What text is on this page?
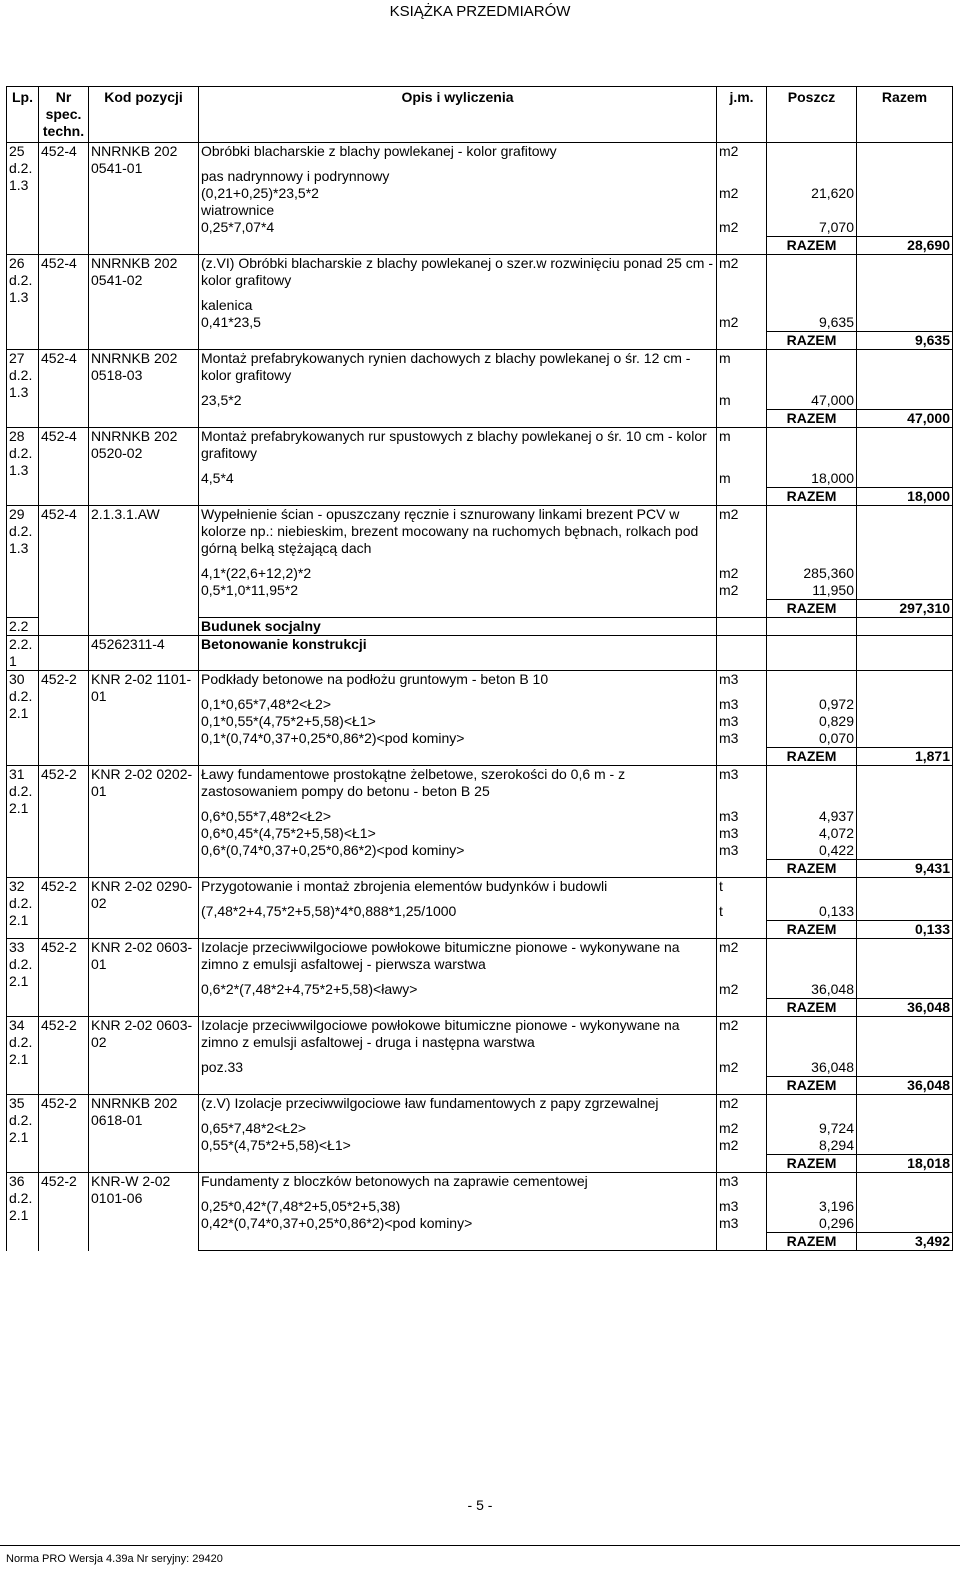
KSIĄŻKA PRZEDMIARÓW
Lp.	Nr spec. techn.	Kod pozycji	Opis i wyliczenia	j.m.	Poszcz	Razem
25 d.2. 1.3	452-4	NNRNKB 202 0541-01	Obróbki blacharskie z blachy powlekanej - kolor grafitowy	m2		

			pas nadrynnowy i podrynnowy			
			(0,21+0,25)*23,5*2	m2	21,620	
			wiatrownice			
			0,25*7,07*4	m2	7,070	
					RAZEM	28,690
26 d.2. 1.3	452-4	NNRNKB 202 0541-02	(z.VI) Obróbki blacharskie z blachy powlekanej o szer.w rozwinięciu ponad 25 cm - kolor grafitowy	m2		

			kalenica			
			0,41*23,5	m2	9,635	
					RAZEM	9,635
27 d.2. 1.3	452-4	NNRNKB 202 0518-03	Montaż prefabrykowanych rynien dachowych z blachy powlekanej o śr. 12 cm - kolor grafitowy	m		

			23,5*2	m	47,000	
					RAZEM	47,000
28 d.2. 1.3	452-4	NNRNKB 202 0520-02	Montaż prefabrykowanych rur spustowych z blachy powlekanej o śr. 10 cm - kolor grafitowy	m		

			4,5*4	m	18,000	
					RAZEM	18,000
29 d.2. 1.3	452-4	2.1.3.1.AW	Wypełnienie ścian - opuszczany ręcznie i sznurowany linkami brezent PCV w kolorze np.: niebieskim, brezent mocowany na ruchomych bębnach, rolkach pod górną belką stężającą dach	m2		

			4,1*(22,6+12,2)*2	m2	285,360	
			0,5*1,0*11,95*2	m2	11,950	
					RAZEM	297,310
2.2			Budunek socjalny			
2.2. 1		45262311-4	Betonowanie konstrukcji			
30 d.2. 2.1	452-2	KNR 2-02 1101-01	Podkłady betonowe na podłożu gruntowym - beton B 10	m3		

			0,1*0,65*7,48*2<Ł2>	m3	0,972	
			0,1*0,55*(4,75*2+5,58)<Ł1>	m3	0,829	
			0,1*(0,74*0,37+0,25*0,86*2)<pod kominy>	m3	0,070	
					RAZEM	1,871
31 d.2. 2.1	452-2	KNR 2-02 0202-01	Ławy fundamentowe prostokątne żelbetowe, szerokości do 0,6 m - z zastosowaniem pompy do betonu - beton B 25	m3		

			0,6*0,55*7,48*2<Ł2>	m3	4,937	
			0,6*0,45*(4,75*2+5,58)<Ł1>	m3	4,072	
			0,6*(0,74*0,37+0,25*0,86*2)<pod kominy>	m3	0,422	
					RAZEM	9,431
32 d.2. 2.1	452-2	KNR 2-02 0290-02	Przygotowanie i montaż zbrojenia elementów budynków i budowli	t		

			(7,48*2+4,75*2+5,58)*4*0,888*1,25/1000	t	0,133	
					RAZEM	0,133
33 d.2. 2.1	452-2	KNR 2-02 0603-01	Izolacje przeciwwilgociowe powłokowe bitumiczne pionowe - wykonywane na zimno z emulsji asfaltowej - pierwsza warstwa	m2		

			0,6*2*(7,48*2+4,75*2+5,58)<ławy>	m2	36,048	
					RAZEM	36,048
34 d.2. 2.1	452-2	KNR 2-02 0603-02	Izolacje przeciwwilgociowe powłokowe bitumiczne pionowe - wykonywane na zimno z emulsji asfaltowej - druga i następna warstwa	m2		

			poz.33	m2	36,048	
					RAZEM	36,048
35 d.2. 2.1	452-2	NNRNKB 202 0618-01	(z.V) Izolacje przeciwwilgociowe ław fundamentowych z papy zgrzewalnej	m2		

			0,65*7,48*2<Ł2>	m2	9,724	
			0,55*(4,75*2+5,58)<Ł1>	m2	8,294	
					RAZEM	18,018
36 d.2. 2.1	452-2	KNR-W 2-02 0101-06	Fundamenty z bloczków betonowych na zaprawie cementowej	m3		

			0,25*0,42*(7,48*2+5,05*2+5,38)	m3	3,196	
			0,42*(0,74*0,37+0,25*0,86*2)<pod kominy>	m3	0,296	
					RAZEM	3,492
- 5 -
Norma PRO Wersja 4.39a Nr seryjny: 29420
